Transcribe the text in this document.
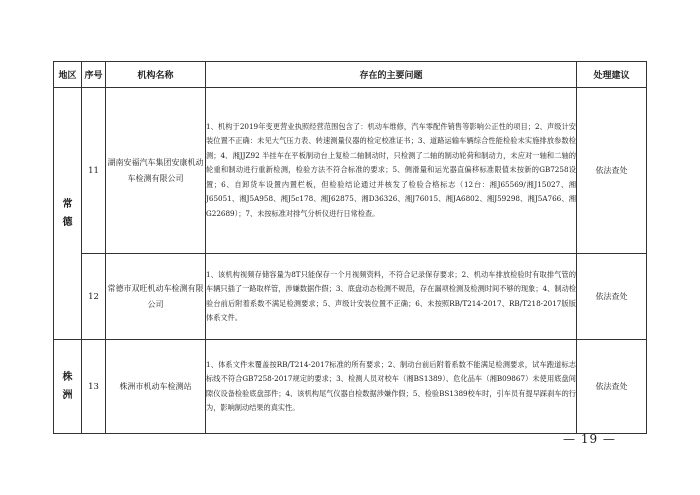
地区	序号	机构名称	存在的主要问题	处理建议

常德	11	湖南安福汽车集团安康机动车检测有限公司	1、机构于2019年变更营业执照经营范围包含了：机动车维修，汽车零配件销售等影响公正性的项目；2、声级计安装位置不正确：未见大气压力表、转速测量仪器的检定校准证书；3、道路运输车辆综合性能检验未实施排放参数检测；4、湘JJZ92 半挂车在平板制动台上复检二轴制动时，只检测了二轴的制动轮荷和制动力，未应对一轴和二轴的轮重和制动进行重新检测，检验方法不符合标准的要求；5、侧滑量和运光器直偏移标准限值未按新的GB7258设置；6、自卸货车设置内置栏板，但检验结论通过并核发了检验合格标志（12台：湘J65569/湘J15027、湘J65051、湘J5A958、湘J5c178、湘J62875、湘D36326、湘J76015、湘JA6802、湘J59298、湘J5A766、湘G22689）；7、未按标准对排气分析仪进行日常检查。	依法查处
	12	常德市双旺机动车检测有限公司	1、该机构视频存储容量为8T只能保存一个月视频资料，不符合记录保存要求；2、机动车排放检验时有取排气管的车辆只插了一路取样管，涉嫌数据作假；3、底盘动态检测不规范，存在漏项检测及检测时间不够的现象；4、制动检验台前后附着系数不满足检测要求；5、声级计安装位置不正确；6、未按照RB/T214-2017、RB/T218-2017版版体系文件。	依法查处

株洲	13	株洲市机动车检测站	1、体系文件未覆盖按RB/T214-2017标准的所有要求；2、制动台前后附着系数不能满足检测要求，试车跑道标志标线不符合GB7258-2017规定的要求；3、检测人员对校车（湘BS1389）、危化品车（湘B09867）未使用底盘间隙仪设备检验底盘部件；4、该机构尾气仪器自检数据涉嫌作假；5、检验BS1389校车时，引车员有提早踩刹车的行为，影响制动结果的真实性。	依法查处
— 19 —
